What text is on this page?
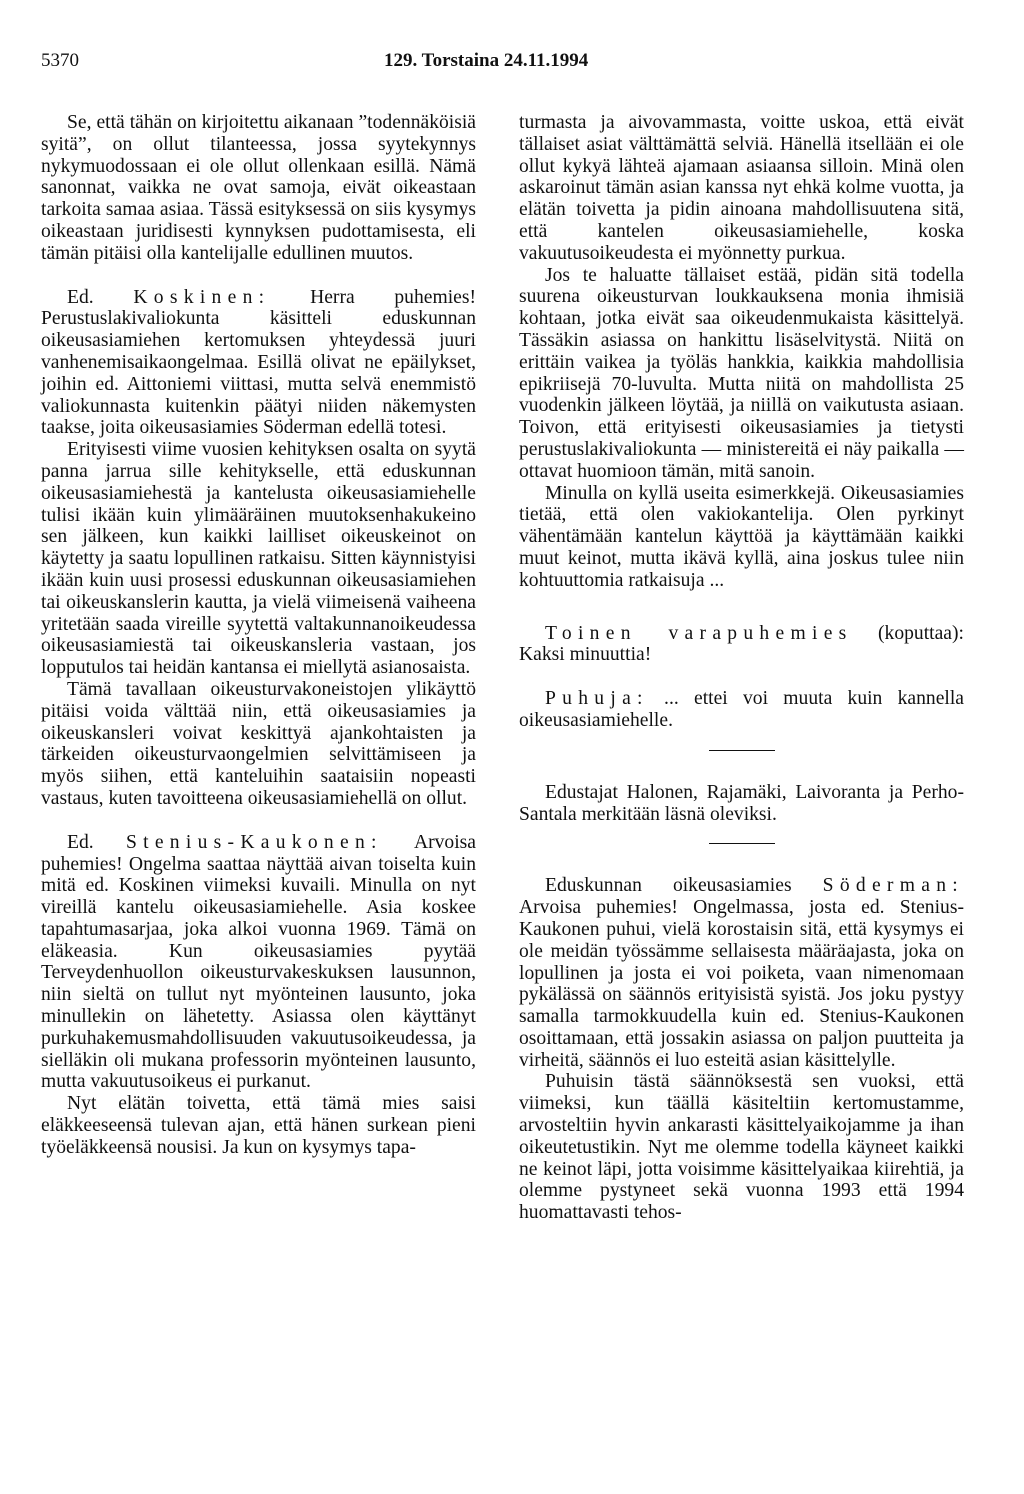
5370	129. Torstaina 24.11.1994

Se, että tähän on kirjoitettu aikanaan ”todennäköisiä syitä”, on ollut tilanteessa, jossa syytekynnys nykymuodossaan ei ole ollut ollenkaan esillä. Nämä sanonnat, vaikka ne ovat samoja, eivät oikeastaan tarkoita samaa asiaa. Tässä esityksessä on siis kysymys oikeastaan juridisesti kynnyksen pudottamisesta, eli tämän pitäisi olla kantelijalle edullinen muutos.

Ed. Koskinen: Herra puhemies! Perustuslakivaliokunta käsitteli eduskunnan oikeusasiamiehen kertomuksen yhteydessä juuri vanhenemisaikaongelmaa. Esillä olivat ne epäilykset, joihin ed. Aittoniemi viittasi, mutta selvä enemmistö valiokunnasta kuitenkin päätyi niiden näkemysten taakse, joita oikeusasiamies Söderman edellä totesi.

Erityisesti viime vuosien kehityksen osalta on syytä panna jarrua sille kehitykselle, että eduskunnan oikeusasiamiehestä ja kantelusta oikeusasiamiehelle tulisi ikään kuin ylimääräinen muutoksenhakukeino sen jälkeen, kun kaikki lailliset oikeuskeinot on käytetty ja saatu lopullinen ratkaisu. Sitten käynnistyisi ikään kuin uusi prosessi eduskunnan oikeusasiamiehen tai oikeuskanslerin kautta, ja vielä viimeisenä vaiheena yritetään saada vireille syytettä valtakunnanoikeudessa oikeusasiamiestä tai oikeuskansleria vastaan, jos lopputulos tai heidän kantansa ei miellytä asianosaista.

Tämä tavallaan oikeusturvakoneistojen ylikäyttö pitäisi voida välttää niin, että oikeusasiamies ja oikeuskansleri voivat keskittyä ajankohtaisten ja tärkeiden oikeusturvaongelmien selvittämiseen ja myös siihen, että kanteluihin saataisiin nopeasti vastaus, kuten tavoitteena oikeusasiamiehellä on ollut.

Ed. Stenius-Kaukonen: Arvoisa puhemies! Ongelma saattaa näyttää aivan toiselta kuin mitä ed. Koskinen viimeksi kuvaili. Minulla on nyt vireillä kantelu oikeusasiamiehelle. Asia koskee tapahtumasarjaa, joka alkoi vuonna 1969. Tämä on eläkeasia. Kun oikeusasiamies pyytää Terveydenhuollon oikeusturvakeskuksen lausunnon, niin sieltä on tullut nyt myönteinen lausunto, joka minullekin on lähetetty. Asiassa olen käyttänyt purkuhakemusmahdollisuuden vakuutusoikeudessa, ja sielläkin oli mukana professorin myönteinen lausunto, mutta vakuutusoikeus ei purkanut.

Nyt elätän toivetta, että tämä mies saisi eläkkeeseensä tulevan ajan, että hänen surkean pieni työeläkkeensä nousisi. Ja kun on kysymys tapa-

turmasta ja aivovammasta, voitte uskoa, että eivät tällaiset asiat välttämättä selviä. Hänellä itsellään ei ole ollut kykyä lähteä ajamaan asiaansa silloin. Minä olen askaroinut tämän asian kanssa nyt ehkä kolme vuotta, ja elätän toivetta ja pidin ainoana mahdollisuutena sitä, että kantelen oikeusasiamiehelle, koska vakuutusoikeudesta ei myönnetty purkua.

Jos te haluatte tällaiset estää, pidän sitä todella suurena oikeusturvan loukkauksena monia ihmisiä kohtaan, jotka eivät saa oikeudenmukaista käsittelyä. Tässäkin asiassa on hankittu lisäselvitystä. Niitä on erittäin vaikea ja työläs hankkia, kaikkia mahdollisia epikriisejä 70-luvulta. Mutta niitä on mahdollista 25 vuodenkin jälkeen löytää, ja niillä on vaikutusta asiaan. Toivon, että erityisesti oikeusasiamies ja tietysti perustuslakivaliokunta — ministereitä ei näy paikalla — ottavat huomioon tämän, mitä sanoin.

Minulla on kyllä useita esimerkkejä. Oikeusasiamies tietää, että olen vakiokantelija. Olen pyrkinyt vähentämään kantelun käyttöä ja käyttämään kaikki muut keinot, mutta ikävä kyllä, aina joskus tulee niin kohtuuttomia ratkaisuja ...

Toinen varapuhemies (koputtaa): Kaksi minuuttia!

Puhuja: ... ettei voi muuta kuin kannella oikeusasiamiehelle.

Edustajat Halonen, Rajamäki, Laivoranta ja Perho-Santala merkitään läsnä oleviksi.

Eduskunnan oikeusasiamies Söderman: Arvoisa puhemies! Ongelmassa, josta ed. Stenius-Kaukonen puhui, vielä korostaisin sitä, että kysymys ei ole meidän työssämme sellaisesta määräajasta, joka on lopullinen ja josta ei voi poiketa, vaan nimenomaan pykälässä on säännös erityisistä syistä. Jos joku pystyy samalla tarmokkuudella kuin ed. Stenius-Kaukonen osoittamaan, että jossakin asiassa on paljon puutteita ja virheitä, säännös ei luo esteitä asian käsittelylle.

Puhuisin tästä säännöksestä sen vuoksi, että viimeksi, kun täällä käsiteltiin kertomustamme, arvosteltiin hyvin ankarasti käsittelyaikojamme ja ihan oikeutetustikin. Nyt me olemme todella käyneet kaikki ne keinot läpi, jotta voisimme käsittelyaikaa kiirehtiä, ja olemme pystyneet sekä vuonna 1993 että 1994 huomattavasti tehos-
